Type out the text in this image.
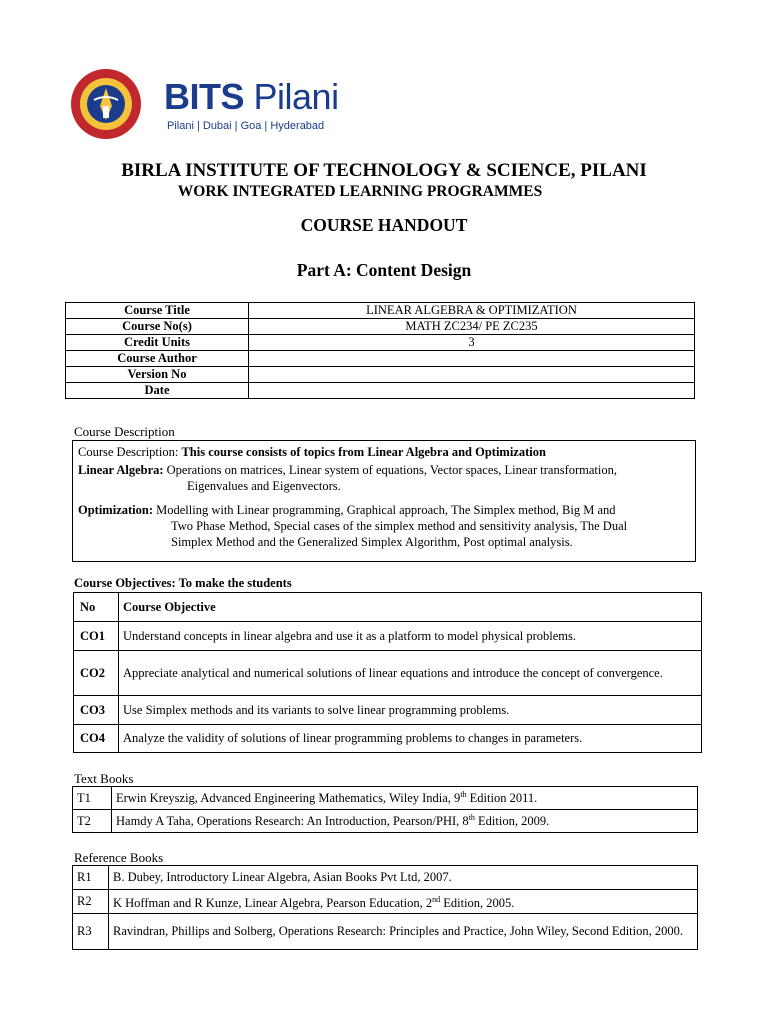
BITS Pilani
Pilani | Dubai | Goa | Hyderabad
BIRLA INSTITUTE OF TECHNOLOGY & SCIENCE, PILANI
WORK INTEGRATED LEARNING PROGRAMMES
COURSE HANDOUT
Part A: Content Design
Course Title	LINEAR ALGEBRA & OPTIMIZATION
Course No(s)	MATH ZC234/ PE ZC235
Credit Units	3
Course Author	
Version No	
Date	
Course Description
Course Description: This course consists of topics from Linear Algebra and Optimization
Linear Algebra: Operations on matrices, Linear system of equations, Vector spaces, Linear transformation,
Eigenvalues and Eigenvectors.
Optimization: Modelling with Linear programming, Graphical approach, The Simplex method, Big M and
Two Phase Method, Special cases of the simplex method and sensitivity analysis, The Dual
Simplex Method and the Generalized Simplex Algorithm, Post optimal analysis.
Course Objectives: To make the students
No	Course Objective
CO1	Understand concepts in linear algebra and use it as a platform to model physical problems.
CO2	Appreciate analytical and numerical solutions of linear equations and introduce the concept of convergence.
CO3	Use Simplex methods and its variants to solve linear programming problems.
CO4	Analyze the validity of solutions of linear programming problems to changes in parameters.
Text Books
T1	Erwin Kreyszig, Advanced Engineering Mathematics, Wiley India, 9th Edition 2011.
T2	Hamdy A Taha, Operations Research: An Introduction, Pearson/PHI, 8th Edition, 2009.
Reference Books
R1	B. Dubey, Introductory Linear Algebra, Asian Books Pvt Ltd, 2007.
R2	K Hoffman and R Kunze, Linear Algebra, Pearson Education, 2nd Edition, 2005.
R3	Ravindran, Phillips and Solberg, Operations Research: Principles and Practice, John Wiley, Second Edition, 2000.
